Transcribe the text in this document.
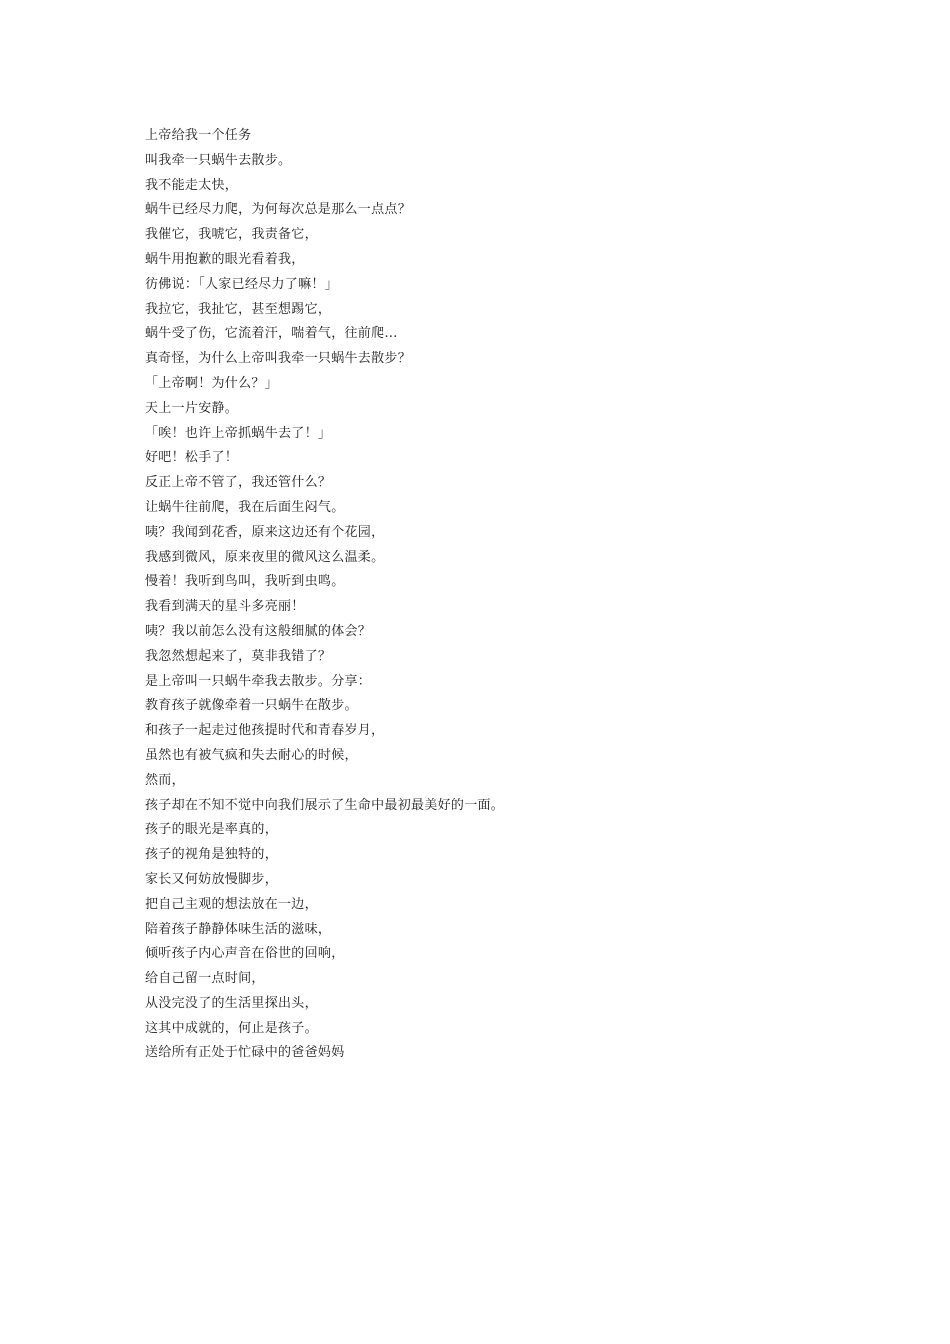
上帝给我一个任务
叫我牵一只蜗牛去散步。
我不能走太快，
蜗牛已经尽力爬，为何每次总是那么一点点？
我催它，我唬它，我责备它，
蜗牛用抱歉的眼光看着我，
彷佛说：「人家已经尽力了嘛！」
我拉它，我扯它，甚至想踢它，
蜗牛受了伤，它流着汗，喘着气，往前爬…
真奇怪，为什么上帝叫我牵一只蜗牛去散步？
「上帝啊！为什么？」
天上一片安静。
「唉！也许上帝抓蜗牛去了！」
好吧！松手了！
反正上帝不管了，我还管什么？
让蜗牛往前爬，我在后面生闷气。
咦？我闻到花香，原来这边还有个花园，
我感到微风，原来夜里的微风这么温柔。
慢着！我听到鸟叫，我听到虫鸣。
我看到满天的星斗多亮丽！
咦？我以前怎么没有这般细腻的体会？
我忽然想起来了，莫非我错了？
是上帝叫一只蜗牛牵我去散步。分享：
教育孩子就像牵着一只蜗牛在散步。
和孩子一起走过他孩提时代和青春岁月，
虽然也有被气疯和失去耐心的时候，
然而，
孩子却在不知不觉中向我们展示了生命中最初最美好的一面。
孩子的眼光是率真的，
孩子的视角是独特的，
家长又何妨放慢脚步，
把自己主观的想法放在一边，
陪着孩子静静体味生活的滋味，
倾听孩子内心声音在俗世的回响，
给自己留一点时间，
从没完没了的生活里探出头，
这其中成就的，何止是孩子。
送给所有正处于忙碌中的爸爸妈妈
